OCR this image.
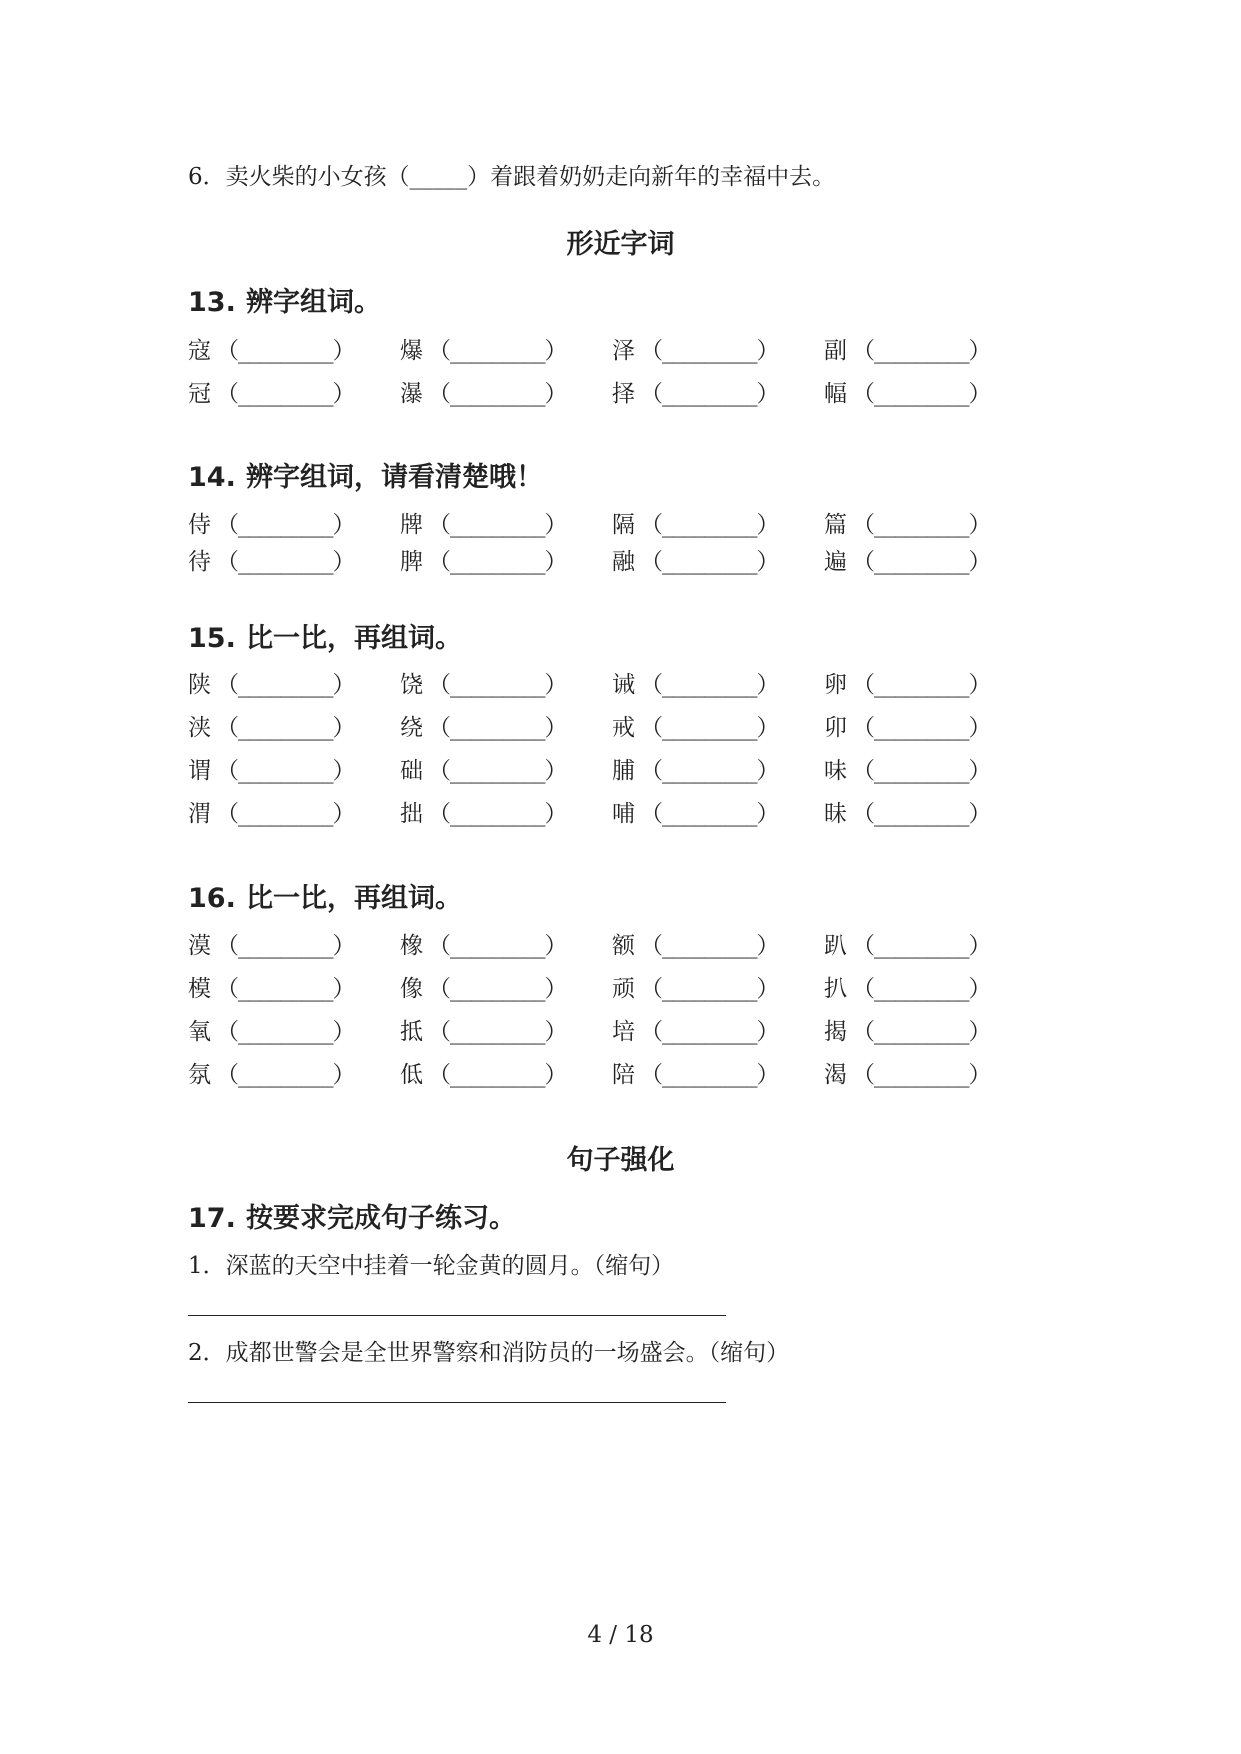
6．卖火柴的小女孩（_____）着跟着奶奶走向新年的幸福中去。
形近字词
13. 辨字组词。
寇 （_________） 爆 （_________） 泽 （_________） 副 （_________）
冠 （_________） 瀑 （_________） 择 （_________） 幅 （_________）
14. 辨字组词，请看清楚哦！
侍 （_________） 牌 （_________） 隔 （_________） 篇 （_________）
待 （_________） 脾 （_________） 融 （_________） 遍 （_________）
15. 比一比，再组词。
陕 （_________） 饶 （_________） 诫 （_________） 卵 （_________）
浃 （_________） 绕 （_________） 戒 （_________） 卯 （_________）
谓 （_________） 础 （_________） 脯 （_________） 味 （_________）
渭 （_________） 拙 （_________） 哺 （_________） 昧 （_________）
16. 比一比，再组词。
漠 （_________） 橡 （_________） 额 （_________） 趴 （_________）
模 （_________） 像 （_________） 顽 （_________） 扒 （_________）
氧 （_________） 抵 （_________） 培 （_________） 揭 （_________）
氛 （_________） 低 （_________） 陪 （_________） 渴 （_________）
句子强化
17. 按要求完成句子练习。
1．深蓝的天空中挂着一轮金黄的圆月。（缩句）
2．成都世警会是全世界警察和消防员的一场盛会。（缩句）
4 / 18
